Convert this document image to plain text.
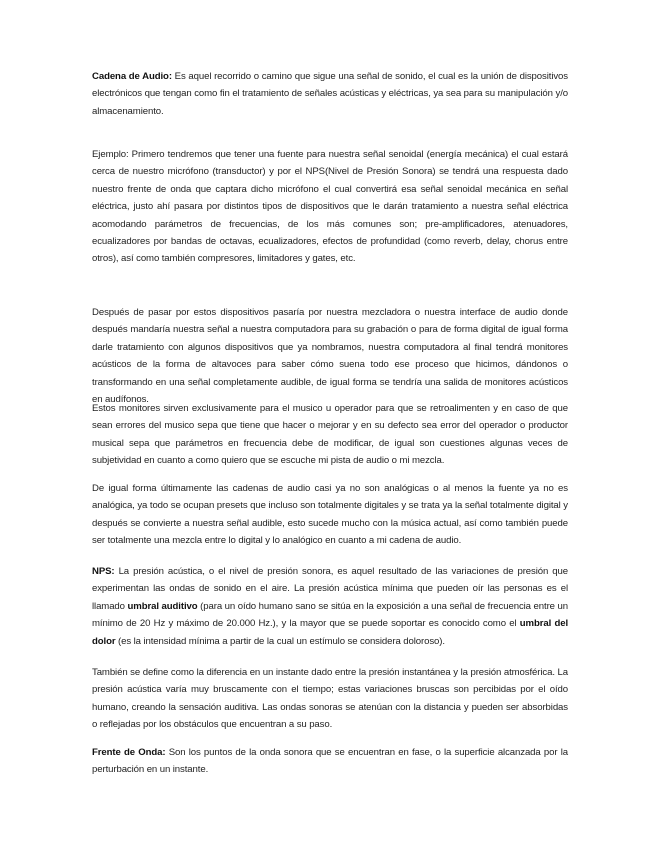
Cadena de Audio: Es aquel recorrido o camino que sigue una señal de sonido, el cual es la unión de dispositivos electrónicos que tengan como fin el tratamiento de señales acústicas y eléctricas, ya sea para su manipulación y/o almacenamiento.

Ejemplo: Primero tendremos que tener una fuente para nuestra señal senoidal (energía mecánica) el cual estará cerca de nuestro micrófono (transductor) y por el NPS(Nivel de Presión Sonora) se tendrá una respuesta dado nuestro frente de onda que captara dicho micrófono el cual convertirá esa señal senoidal mecánica en señal eléctrica, justo ahí pasara por distintos tipos de dispositivos que le darán tratamiento a nuestra señal eléctrica acomodando parámetros de frecuencias, de los más comunes son; pre-amplificadores, atenuadores, ecualizadores por bandas de octavas, ecualizadores, efectos de profundidad (como reverb, delay, chorus entre otros), así como también compresores, limitadores y gates, etc.

Después de pasar por estos dispositivos pasaría por nuestra mezcladora o nuestra interface de audio donde después mandaría nuestra señal a nuestra computadora para su grabación o para de forma digital de igual forma darle tratamiento con algunos dispositivos que ya nombramos, nuestra computadora al final tendrá monitores acústicos de la forma de altavoces para saber cómo suena todo ese proceso que hicimos, dándonos o transformando en una señal completamente audible, de igual forma se tendría una salida de monitores acústicos en audífonos.

Estos monitores sirven exclusivamente para el musico u operador para que se retroalimenten y en caso de que sean errores del musico sepa que tiene que hacer o mejorar y en su defecto sea error del operador o productor musical sepa que parámetros en frecuencia debe de modificar, de igual son cuestiones algunas veces de subjetividad en cuanto a como quiero que se escuche mi pista de audio o mi mezcla.

De igual forma últimamente las cadenas de audio casi ya no son analógicas o al menos la fuente ya no es analógica, ya todo se ocupan presets que incluso son totalmente digitales y se trata ya la señal totalmente digital y después se convierte a nuestra señal audible, esto sucede mucho con la música actual, así como también puede ser totalmente una mezcla entre lo digital y lo analógico en cuanto a mi cadena de audio.

NPS: La presión acústica, o el nivel de presión sonora, es aquel resultado de las variaciones de presión que experimentan las ondas de sonido en el aire. La presión acústica mínima que pueden oír las personas es el llamado umbral auditivo (para un oído humano sano se sitúa en la exposición a una señal de frecuencia entre un mínimo de 20 Hz y máximo de 20.000 Hz.), y la mayor que se puede soportar es conocido como el umbral del dolor (es la intensidad mínima a partir de la cual un estímulo se considera doloroso).

También se define como la diferencia en un instante dado entre la presión instantánea y la presión atmosférica. La presión acústica varía muy bruscamente con el tiempo; estas variaciones bruscas son percibidas por el oído humano, creando la sensación auditiva. Las ondas sonoras se atenúan con la distancia y pueden ser absorbidas o reflejadas por los obstáculos que encuentran a su paso.

Frente de Onda: Son los puntos de la onda sonora que se encuentran en fase, o la superficie alcanzada por la perturbación en un instante.
